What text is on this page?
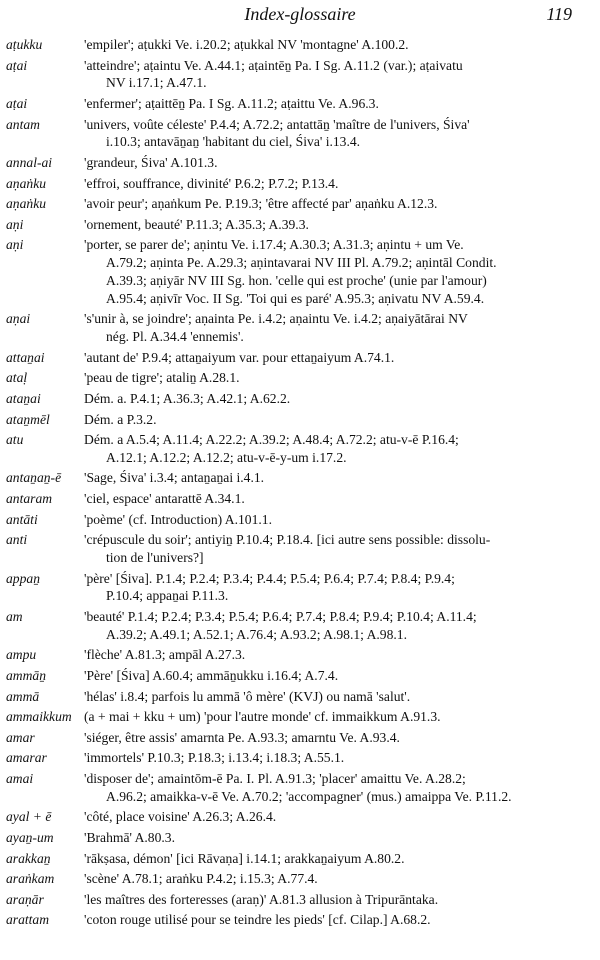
Index-glossaire	119
aṭukku	'empiler'; aṭukki Ve. i.20.2; aṭukkal NV 'montagne' A.100.2.
aṭai	'atteindre'; aṭaintu Ve. A.44.1; aṭaintēṉ Pa. I Sg. A.11.2 (var.); aṭaivatu
NV i.17.1; A.47.1.
aṭai	'enfermer'; aṭaittēṉ Pa. I Sg. A.11.2; aṭaittu Ve. A.96.3.
antam	'univers, voûte céleste' P.4.4; A.72.2; antattāṉ 'maître de l'univers, Śiva'
i.10.3; antavāṉaṉ 'habitant du ciel, Śiva' i.13.4.
annal-ai	'grandeur, Śiva' A.101.3.
aṇaṅku	'effroi, souffrance, divinité' P.6.2; P.7.2; P.13.4.
aṇaṅku	'avoir peur'; aṇaṅkum Pe. P.19.3; 'être affecté par' aṇaṅku A.12.3.
aṇi	'ornement, beauté' P.11.3; A.35.3; A.39.3.
aṇi	'porter, se parer de'; aṇintu Ve. i.17.4; A.30.3; A.31.3; aṇintu + um Ve.
A.79.2; aṇinta Pe. A.29.3; aṇintavarai NV III Pl. A.79.2; aṇintāl Condit.
A.39.3; aṇiyār NV III Sg. hon. 'celle qui est proche' (unie par l'amour)
A.95.4; aṇivīr Voc. II Sg. 'Toi qui es paré' A.95.3; aṇivatu NV A.59.4.
aṇai	's'unir à, se joindre'; aṇainta Pe. i.4.2; aṇaintu Ve. i.4.2; aṇaiyātārai NV
nég. Pl. A.34.4 'ennemis'.
attaṉai	'autant de' P.9.4; attaṉaiyum var. pour ettaṉaiyum A.74.1.
ataḷ	'peau de tigre'; ataliṉ A.28.1.
ataṉai	Dém. a. P.4.1; A.36.3; A.42.1; A.62.2.
ataṉmēl	Dém. a P.3.2.
atu	Dém. a A.5.4; A.11.4; A.22.2; A.39.2; A.48.4; A.72.2; atu-v-ē P.16.4;
A.12.1; A.12.2; A.12.2; atu-v-ē-y-um i.17.2.
antaṉaṉ-ē	'Sage, Śiva' i.3.4; antaṉaṉai i.4.1.
antaram	'ciel, espace' antarattē A.34.1.
antāti	'poème' (cf. Introduction) A.101.1.
anti	'crépuscule du soir'; antiyiṉ P.10.4; P.18.4. [ici autre sens possible: dissolu-
tion de l'univers?]
appaṉ	'père' [Śiva]. P.1.4; P.2.4; P.3.4; P.4.4; P.5.4; P.6.4; P.7.4; P.8.4; P.9.4;
P.10.4; appaṉai P.11.3.
am	'beauté' P.1.4; P.2.4; P.3.4; P.5.4; P.6.4; P.7.4; P.8.4; P.9.4; P.10.4; A.11.4;
A.39.2; A.49.1; A.52.1; A.76.4; A.93.2; A.98.1; A.98.1.
ampu	'flèche' A.81.3; ampāl A.27.3.
ammāṉ	'Père' [Śiva] A.60.4; ammāṉukku i.16.4; A.7.4.
ammā	'hélas' i.8.4; parfois lu ammā 'ô mère' (KVJ) ou namā 'salut'.
ammaikkum (a + mai + kku + um) 'pour l'autre monde' cf. immaikkum A.91.3.
amar	'siéger, être assis' amarnta Pe. A.93.3; amarntu Ve. A.93.4.
amarar	'immortels' P.10.3; P.18.3; i.13.4; i.18.3; A.55.1.
amai	'disposer de'; amaintōm-ē Pa. I. Pl. A.91.3; 'placer' amaittu Ve. A.28.2;
A.96.2; amaikka-v-ē Ve. A.70.2; 'accompagner' (mus.) amaippa Ve. P.11.2.
ayal + ē	'côté, place voisine' A.26.3; A.26.4.
ayaṉ-um	'Brahmā' A.80.3.
arakkaṉ	'rākṣasa, démon' [ici Rāvaṇa] i.14.1; arakkaṉaiyum A.80.2.
araṅkam	'scène' A.78.1; araṅku P.4.2; i.15.3; A.77.4.
araṇār	'les maîtres des forteresses (araṇ)' A.81.3 allusion à Tripurāntaka.
arattam	'coton rouge utilisé pour se teindre les pieds' [cf. Cilap.] A.68.2.
